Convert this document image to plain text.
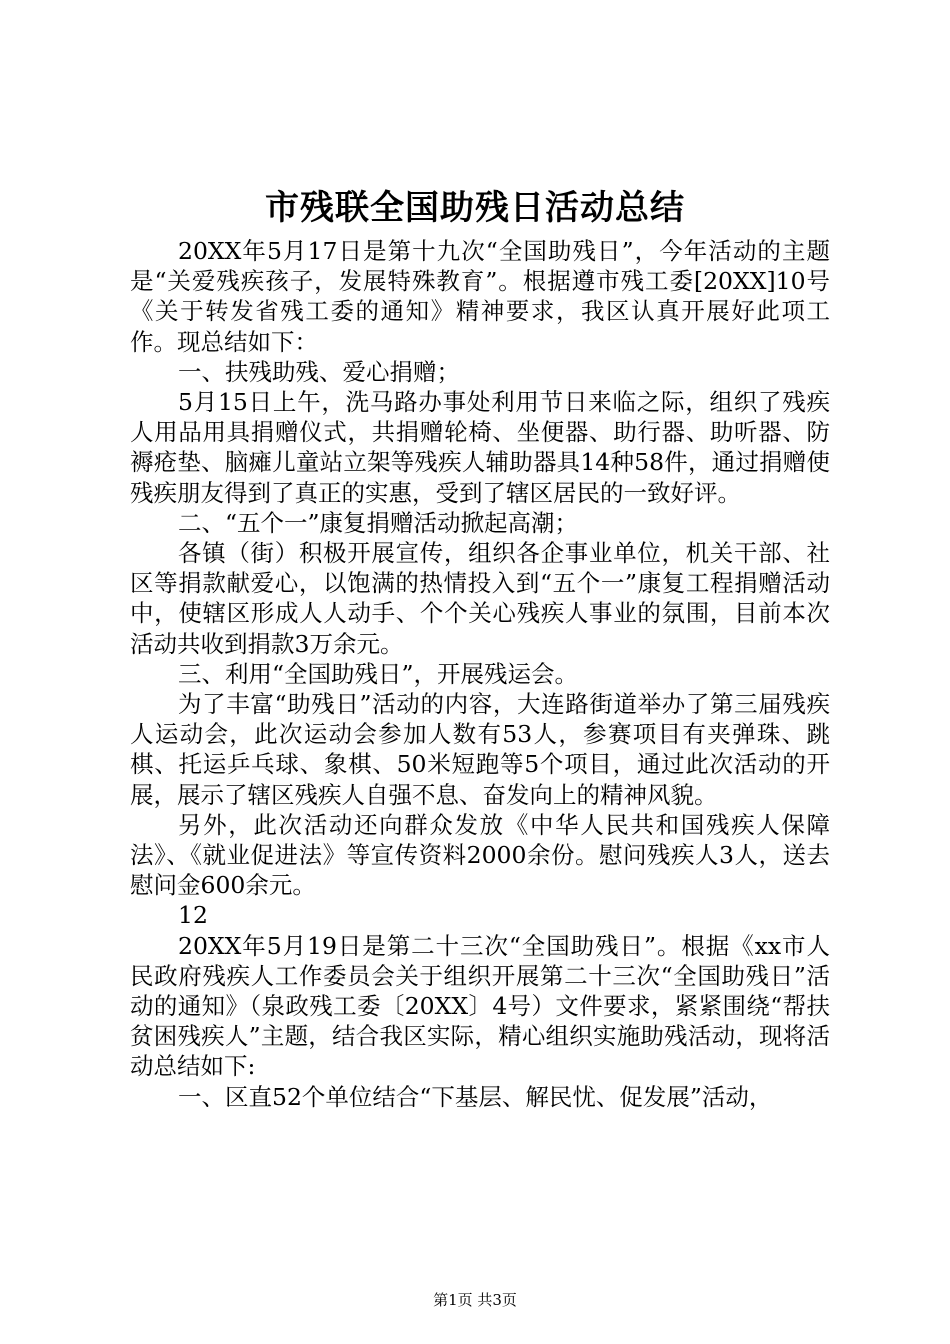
市残联全国助残日活动总结

20XX年5月17日是第十九次“全国助残日”，今年活动的主题是“关爱残疾孩子，发展特殊教育”。根据遵市残工委[20XX]10号《关于转发省残工委的通知》精神要求，我区认真开展好此项工作。现总结如下：

一、扶残助残、爱心捐赠；

5月15日上午，洗马路办事处利用节日来临之际，组织了残疾人用品用具捐赠仪式，共捐赠轮椅、坐便器、助行器、助听器、防褥疮垫、脑瘫儿童站立架等残疾人辅助器具14种58件，通过捐赠使残疾朋友得到了真正的实惠，受到了辖区居民的一致好评。

二、“五个一”康复捐赠活动掀起高潮；

各镇（街）积极开展宣传，组织各企事业单位，机关干部、社区等捐款献爱心，以饱满的热情投入到“五个一”康复工程捐赠活动中，使辖区形成人人动手、个个关心残疾人事业的氛围，目前本次活动共收到捐款3万余元。

三、利用“全国助残日”，开展残运会。

为了丰富“助残日”活动的内容，大连路街道举办了第三届残疾人运动会，此次运动会参加人数有53人，参赛项目有夹弹珠、跳棋、托运乒乓球、象棋、50米短跑等5个项目，通过此次活动的开展，展示了辖区残疾人自强不息、奋发向上的精神风貌。

另外，此次活动还向群众发放《中华人民共和国残疾人保障法》、《就业促进法》等宣传资料2000余份。慰问残疾人3人，送去慰问金600余元。

12

20XX年5月19日是第二十三次“全国助残日”。根据《xx市人民政府残疾人工作委员会关于组织开展第二十三次“全国助残日”活动的通知》（泉政残工委〔20XX〕4号）文件要求，紧紧围绕“帮扶贫困残疾人”主题，结合我区实际，精心组织实施助残活动，现将活动总结如下:

一、区直52个单位结合“下基层、解民忧、促发展”活动，

第1页 共3页
